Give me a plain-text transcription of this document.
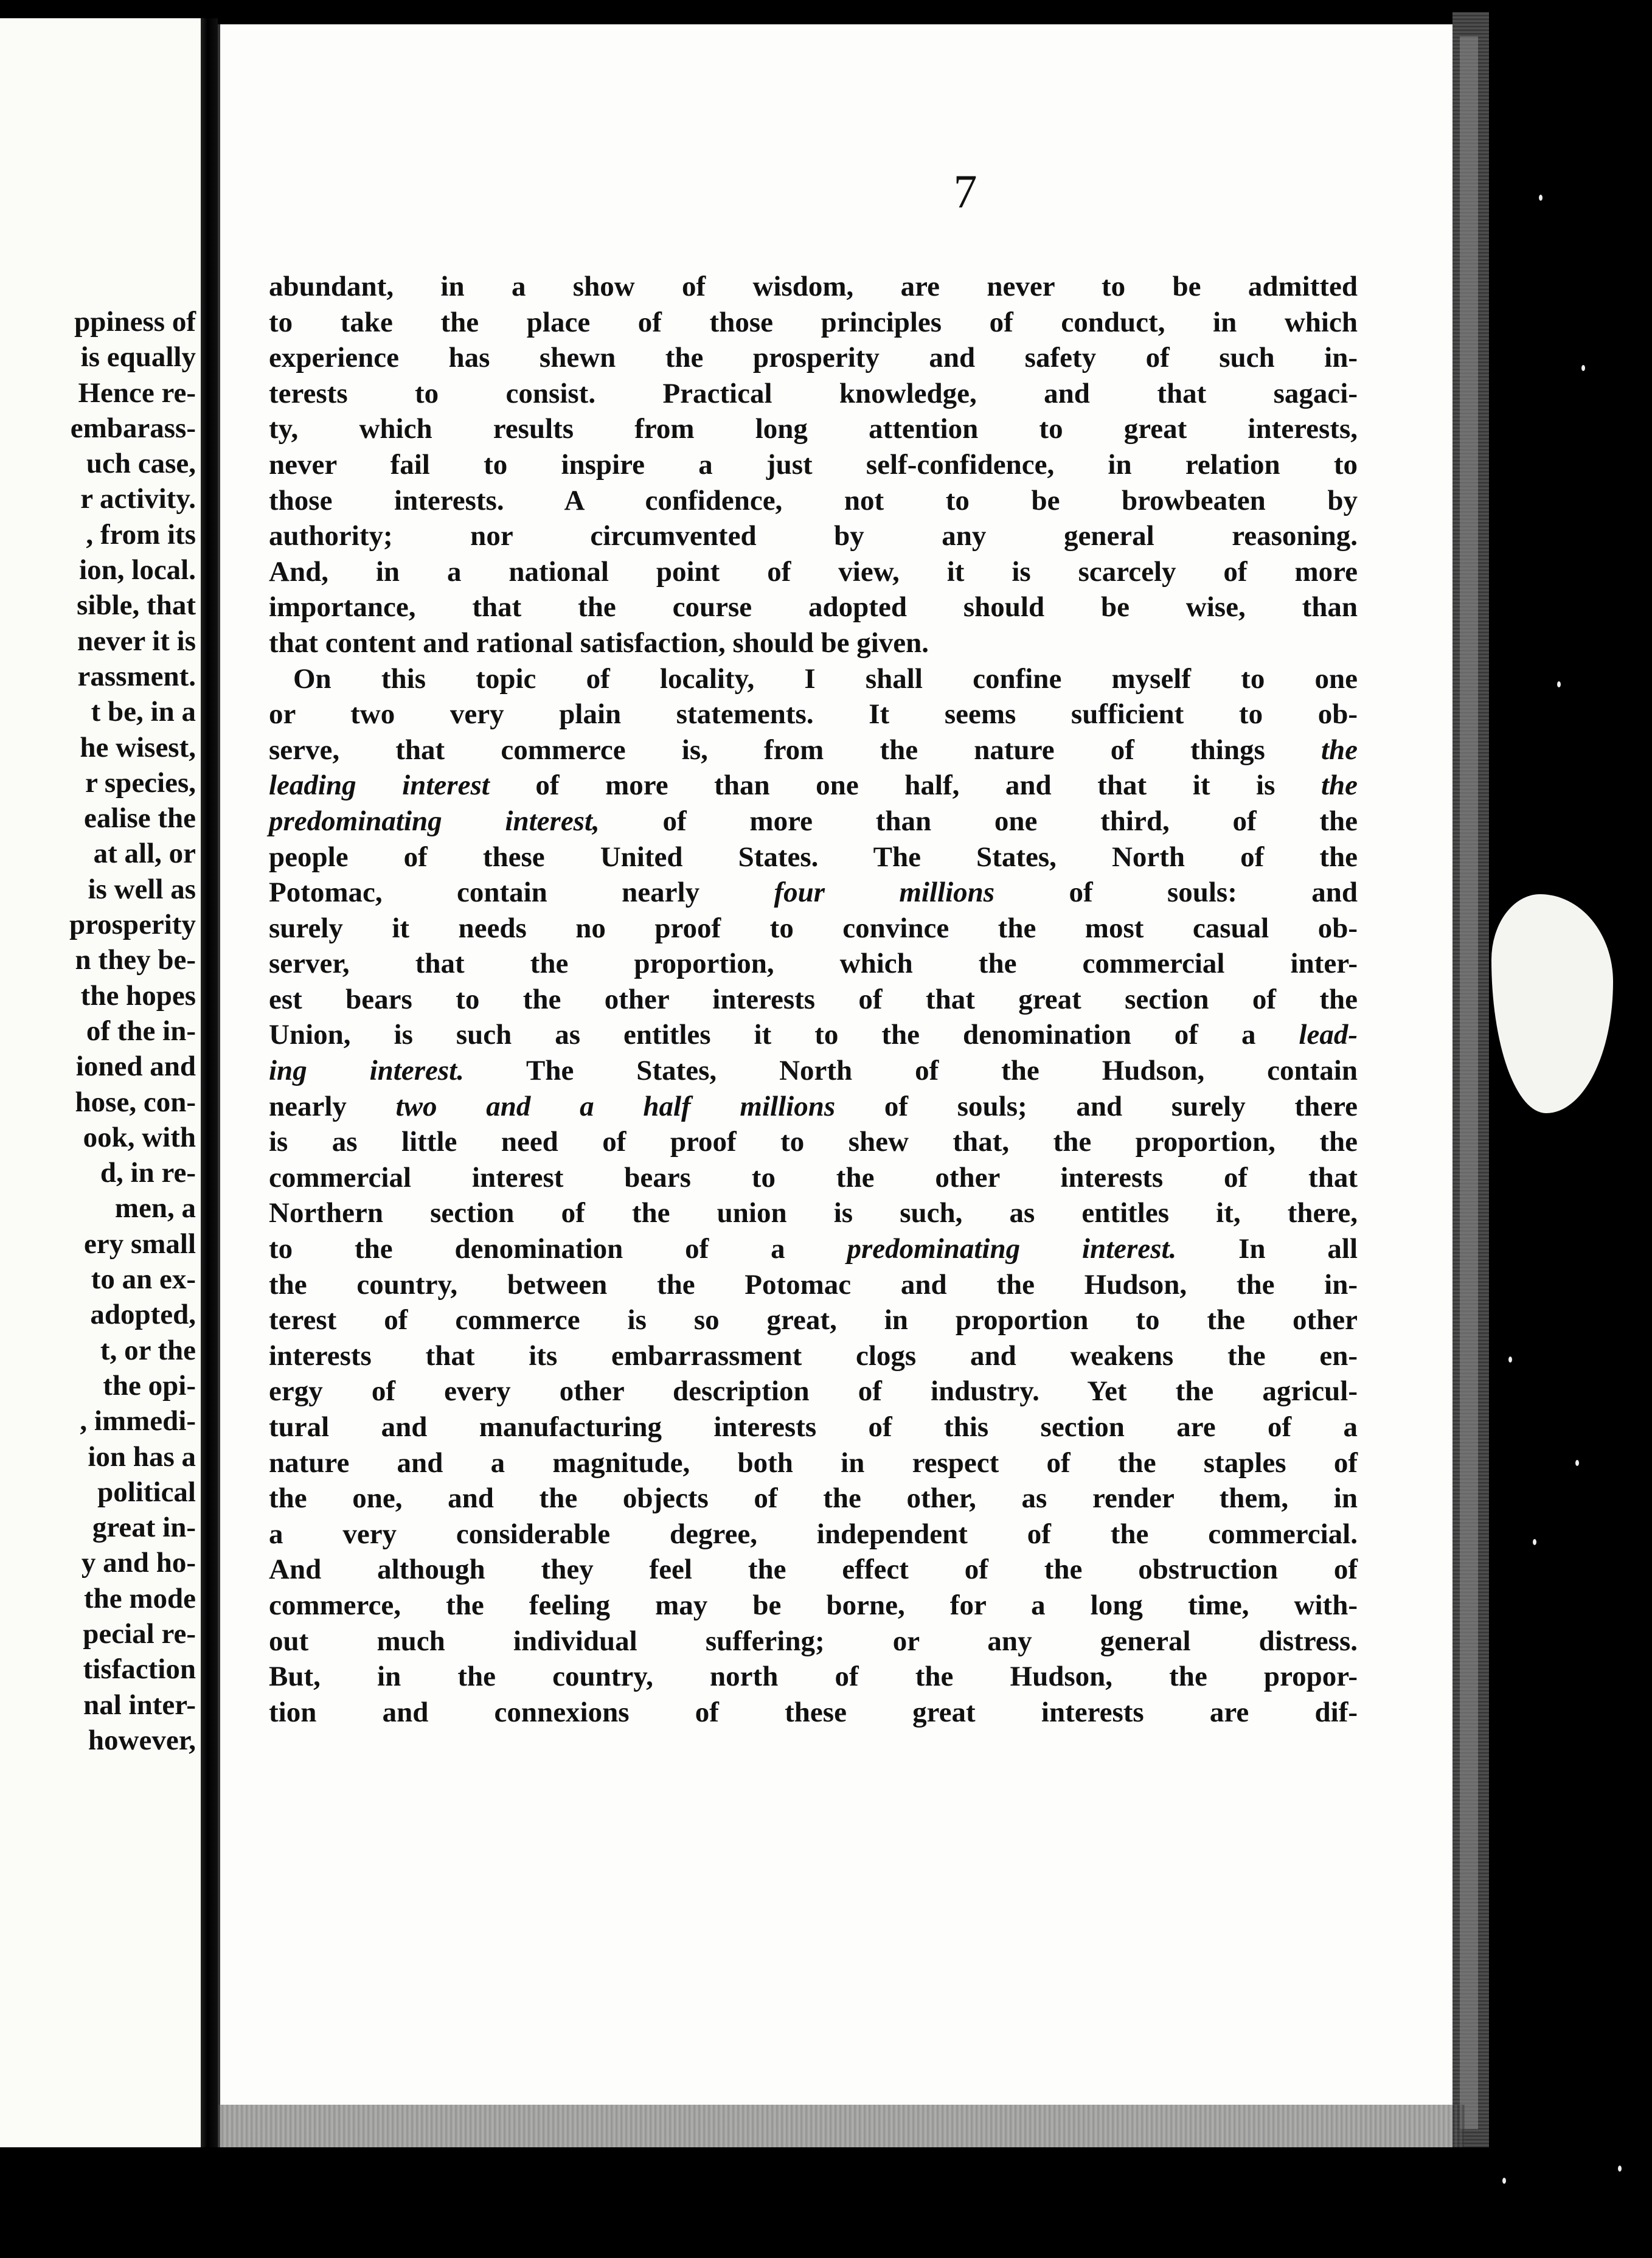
ppiness of
is equally
Hence re-
embarass-
uch case,
r activity.
, from its
ion, local.
sible, that
never it is
rassment.
t be, in a
he wisest,
r species,
ealise the
at all, or
is well as
prosperity
n they be-
the hopes
of the in-
ioned and
hose, con-
ook, with
d, in re-
men, a
ery small
to an ex-
adopted,
t, or the
the opi-
, immedi-
ion has a
political
great in-
y and ho-
the mode
pecial re-
tisfaction
nal inter-
however,
7
abundant, in a show of wisdom, are never to be admitted
to take the place of those principles of conduct, in which
experience has shewn the prosperity and safety of such in-
terests to consist. Practical knowledge, and that sagaci-
ty, which results from long attention to great interests,
never fail to inspire a just self-confidence, in relation to
those interests. A confidence, not to be browbeaten by
authority; nor circumvented by any general reasoning.
And, in a national point of view, it is scarcely of more
importance, that the course adopted should be wise, than
that content and rational satisfaction, should be given.
On this topic of locality, I shall confine myself to one
or two very plain statements. It seems sufficient to ob-
serve, that commerce is, from the nature of things the
leading interest of more than one half, and that it is the
predominating interest, of more than one third, of the
people of these United States. The States, North of the
Potomac, contain nearly four millions of souls: and
surely it needs no proof to convince the most casual ob-
server, that the proportion, which the commercial inter-
est bears to the other interests of that great section of the
Union, is such as entitles it to the denomination of a lead-
ing interest. The States, North of the Hudson, contain
nearly two and a half millions of souls; and surely there
is as little need of proof to shew that, the proportion, the
commercial interest bears to the other interests of that
Northern section of the union is such, as entitles it, there,
to the denomination of a predominating interest. In all
the country, between the Potomac and the Hudson, the in-
terest of commerce is so great, in proportion to the other
interests that its embarrassment clogs and weakens the en-
ergy of every other description of industry. Yet the agricul-
tural and manufacturing interests of this section are of a
nature and a magnitude, both in respect of the staples of
the one, and the objects of the other, as render them, in
a very considerable degree, independent of the commercial.
And although they feel the effect of the obstruction of
commerce, the feeling may be borne, for a long time, with-
out much individual suffering; or any general distress.
But, in the country, north of the Hudson, the propor-
tion and connexions of these great interests are dif-
